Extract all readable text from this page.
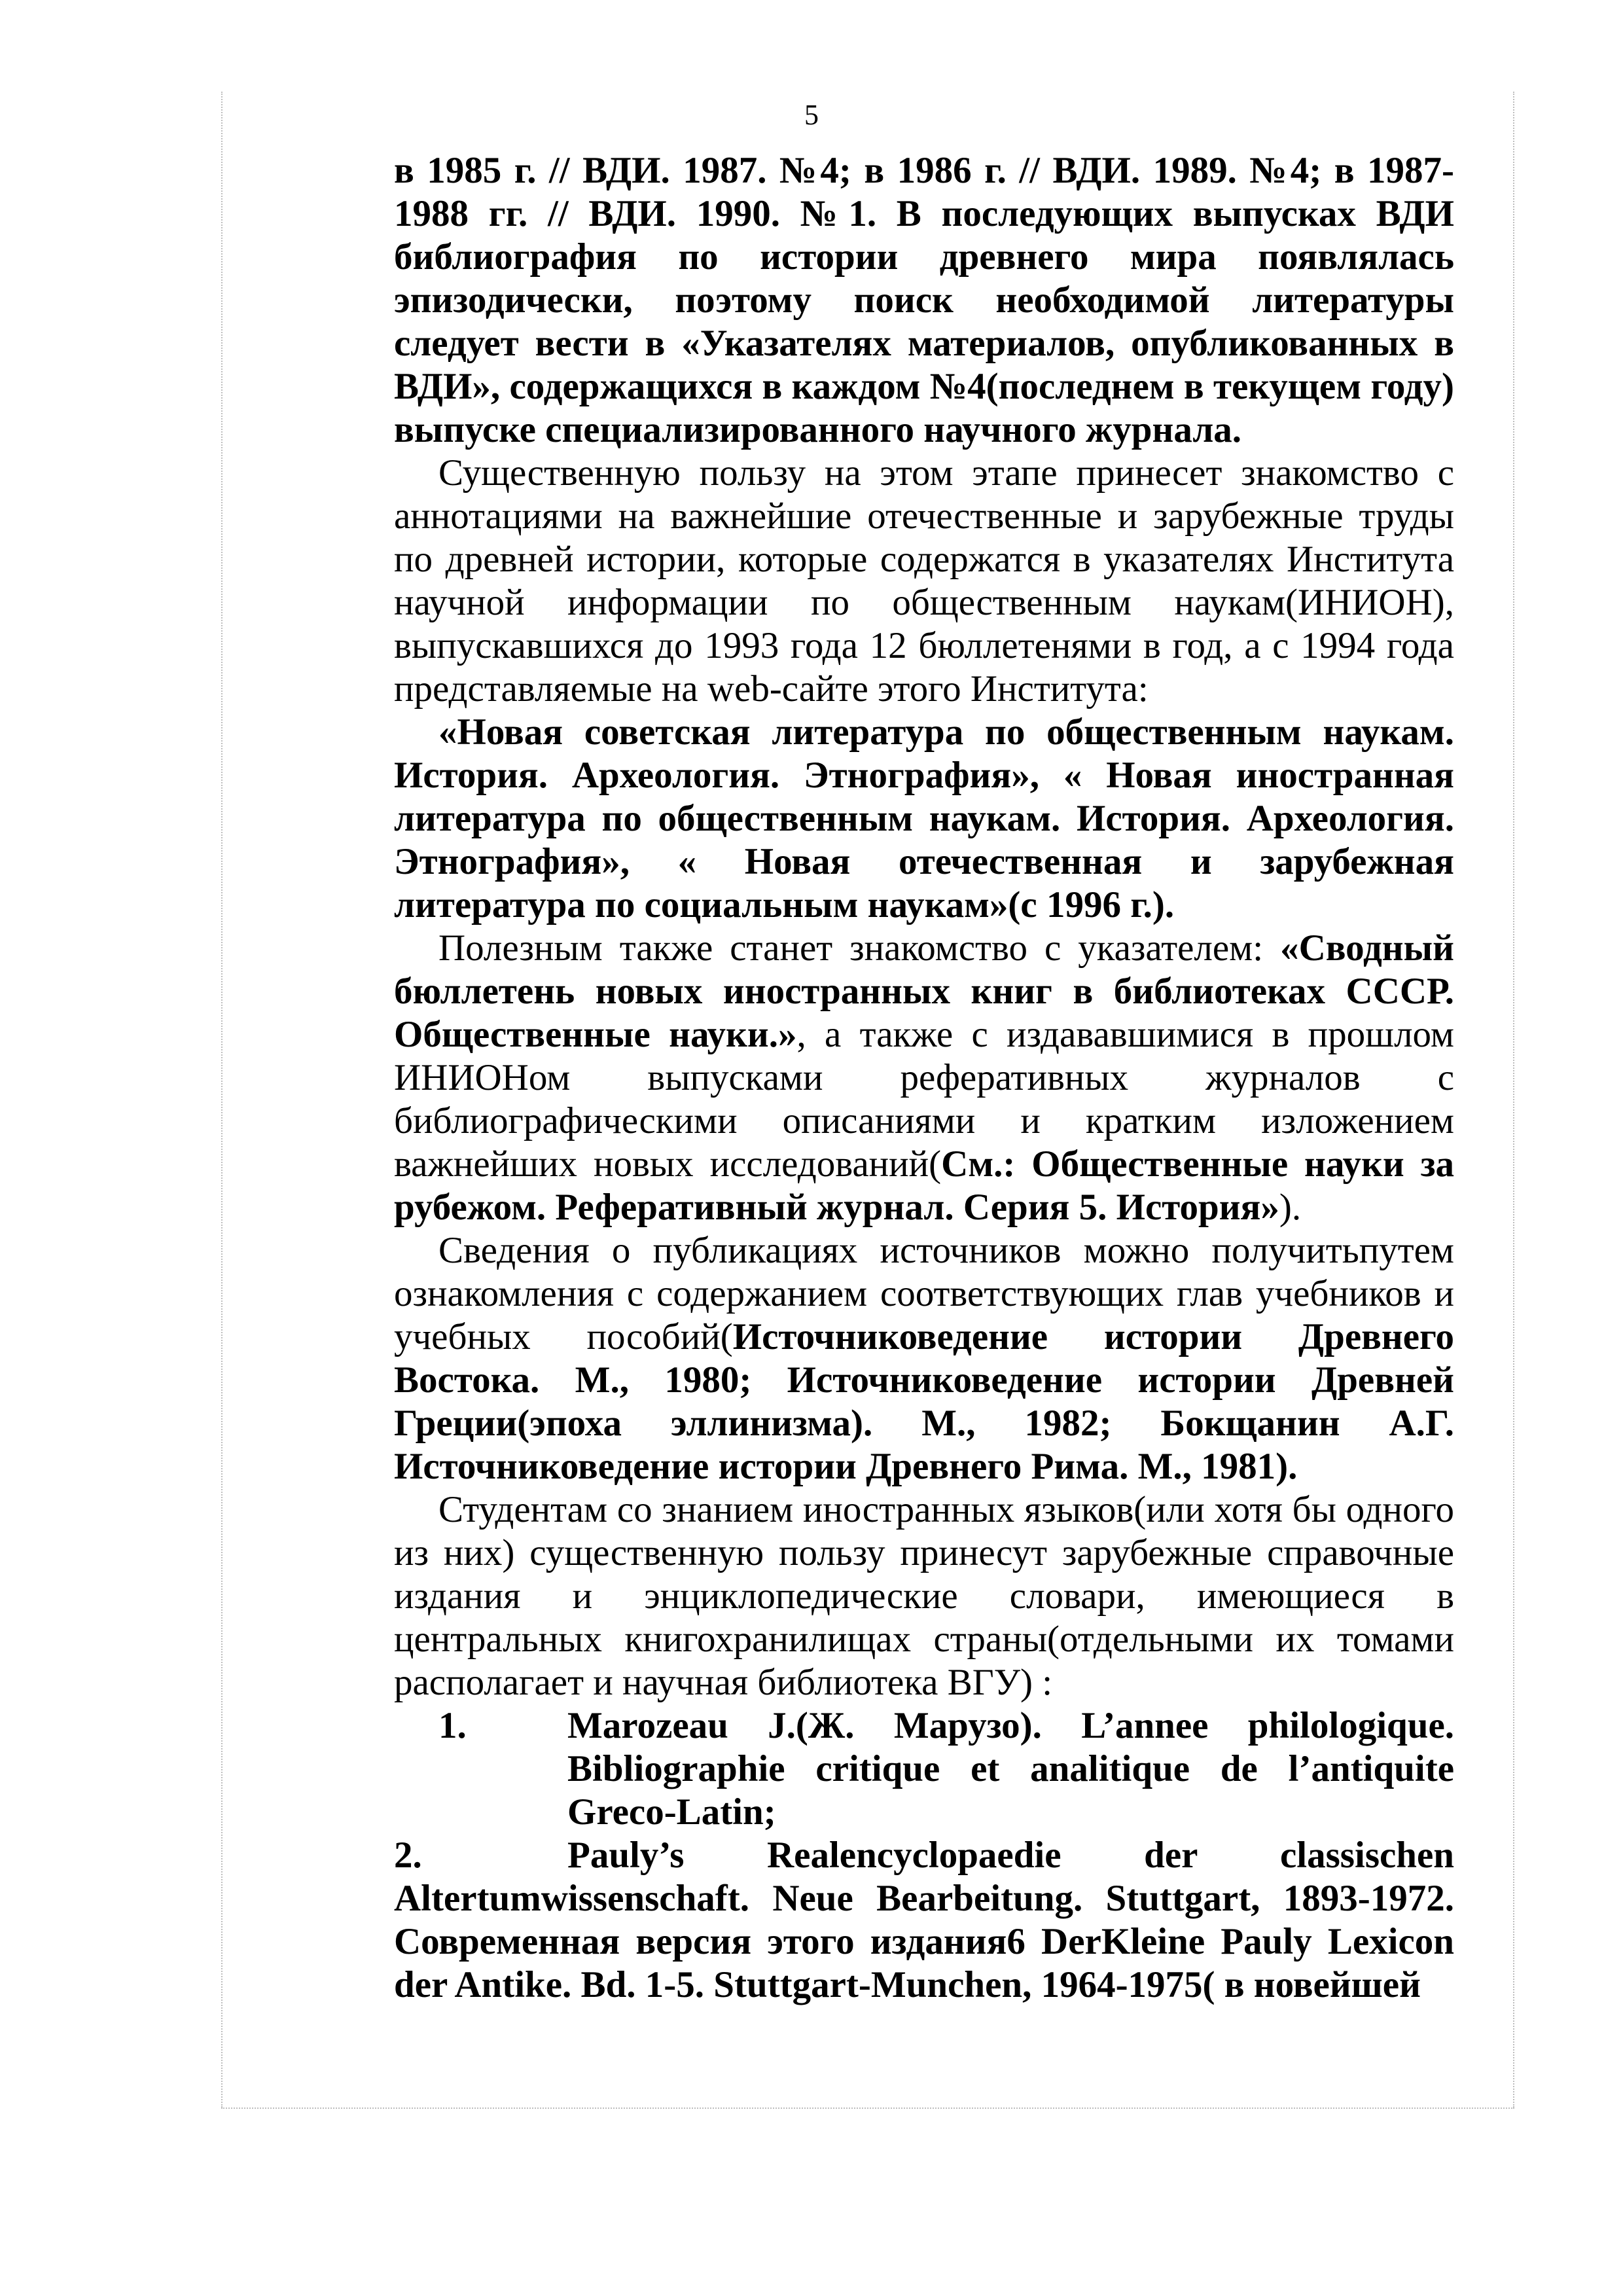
5

в 1985 г. // ВДИ. 1987. №4; в 1986 г. // ВДИ. 1989. №4; в 1987-1988 гг. // ВДИ. 1990. №1. В последующих выпусках ВДИ библиография по истории древнего мира появлялась эпизодически, поэтому поиск необходимой литературы следует вести в «Указателях материалов, опубликованных в ВДИ», содержащихся в каждом №4(последнем в текущем году) выпуске специализированного научного журнала.

Существенную пользу на этом этапе принесет знакомство с аннотациями на важнейшие отечественные и зарубежные труды по древней истории, которые содержатся в указателях Института научной информации по общественным наукам(ИНИОН), выпускавшихся до 1993 года 12 бюллетенями в год, а с 1994 года представляемые на web-сайте этого Института:

«Новая советская литература по общественным наукам. История. Археология. Этнография», « Новая иностранная литература по общественным наукам. История. Археология. Этнография», « Новая отечественная и зарубежная литература по социальным наукам»(с 1996 г.).

Полезным также станет знакомство с указателем: «Сводный бюллетень новых иностранных книг в библиотеках СССР. Общественные науки.», а также с издававшимися в прошлом ИНИОНом выпусками реферативных журналов с библиографическими описаниями и кратким изложением важнейших новых исследований(См.: Общественные науки за рубежом. Реферативный журнал. Серия 5. История»).

Сведения о публикациях источников можно получитьпутем ознакомления с содержанием соответствующих глав учебников и учебных пособий(Источниковедение истории Древнего Востока. М., 1980; Источниковедение истории Древней Греции(эпоха эллинизма). М., 1982; Бокщанин А.Г. Источниковедение истории Древнего Рима. М., 1981).

Студентам со знанием иностранных языков(или хотя бы одного из них) существенную пользу принесут зарубежные справочные издания и энциклопедические словари, имеющиеся в центральных книгохранилищах страны(отдельными их томами располагает и научная библиотека ВГУ) :

1.	Marozeau J.(Ж. Марузо). L’annee philologique. Bibliographie critique et analitique de l’antiquite Greco-Latin;

2.	Pauly’s Realencyclopaedie der classischen Altertumwissenschaft. Neue Bearbeitung. Stuttgart, 1893-1972. Современная версия этого издания6 DerKleine Pauly Lexicon der Antike. Bd. 1-5. Stuttgart-Munchen, 1964-1975( в новейшей
